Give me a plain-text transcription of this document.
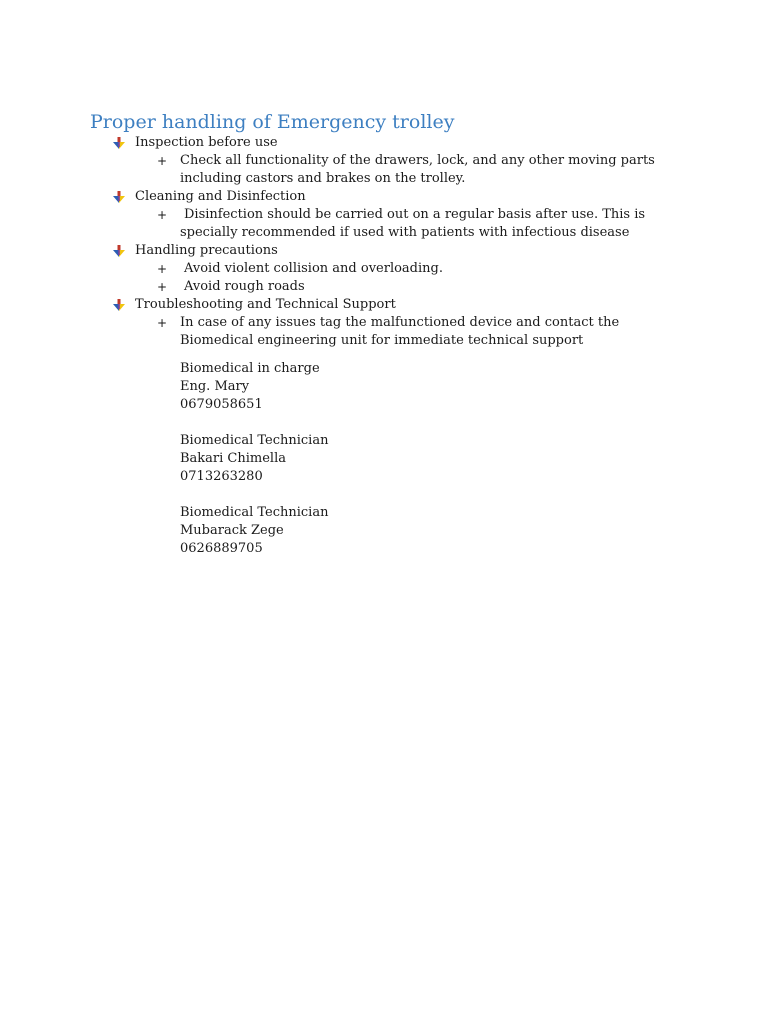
Proper handling of Emergency trolley
Inspection before use
+ Check all functionality of the drawers, lock, and any other moving parts including castors and brakes on the trolley.
Cleaning and Disinfection
+	Disinfection should be carried out on a regular basis after use. This is specially recommended if used with patients with infectious disease
Handling precautions
+	Avoid violent collision and overloading.
+	Avoid rough roads
Troubleshooting and Technical Support
+ In case of any issues tag the malfunctioned device and contact the Biomedical engineering unit for immediate technical support
Biomedical in charge
Eng. Mary
0679058651
Biomedical Technician
Bakari Chimella
0713263280
Biomedical Technician
Mubarack Zege
0626889705
